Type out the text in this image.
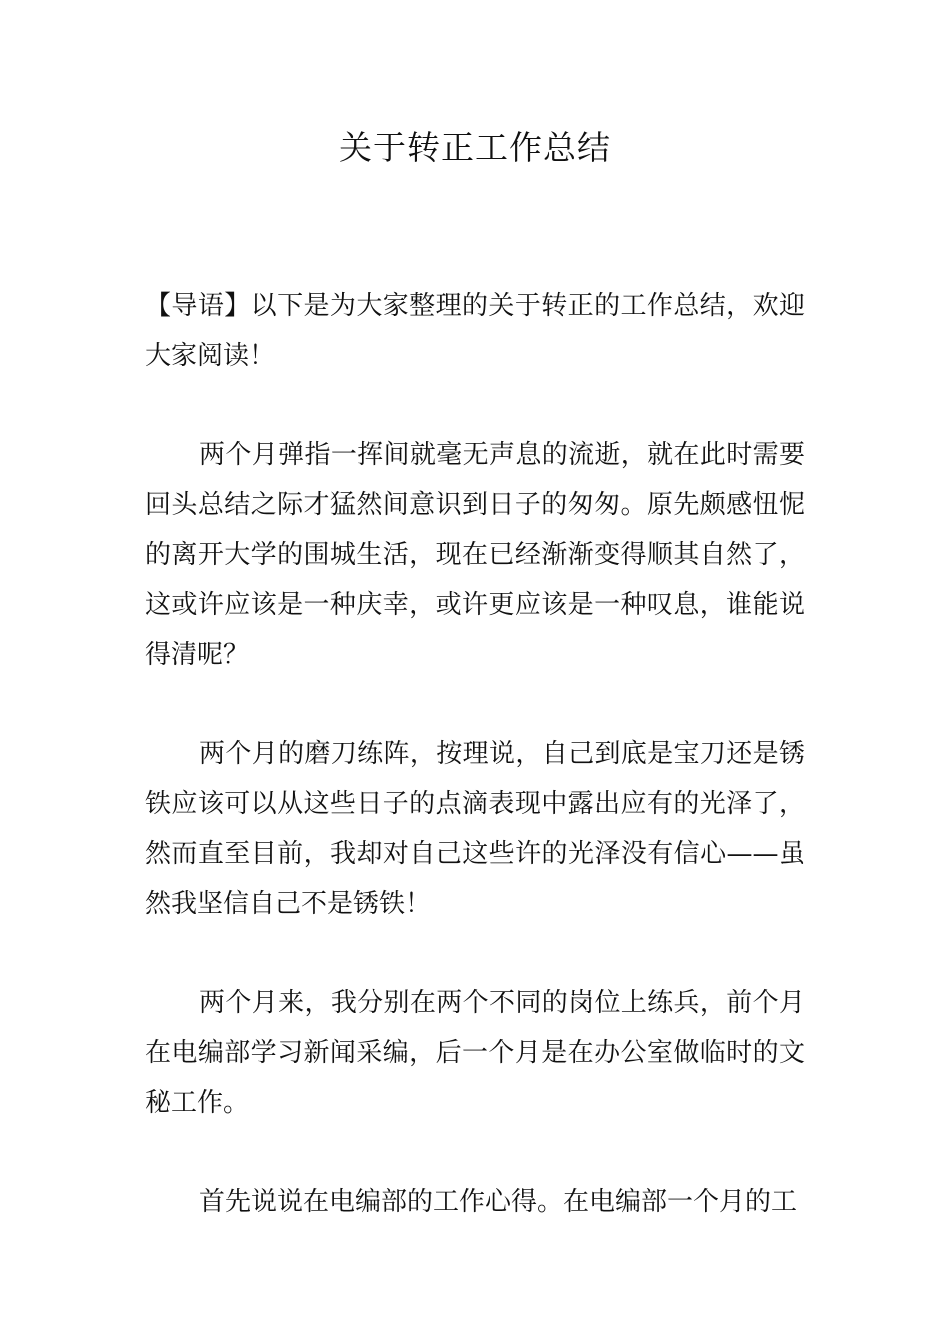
关于转正工作总结

【导语】以下是为大家整理的关于转正的工作总结，欢迎大家阅读！

两个月弹指一挥间就毫无声息的流逝，就在此时需要回头总结之际才猛然间意识到日子的匆匆。原先颇感忸怩的离开大学的围城生活，现在已经渐渐变得顺其自然了，这或许应该是一种庆幸，或许更应该是一种叹息，谁能说得清呢？

两个月的磨刀练阵，按理说，自己到底是宝刀还是锈铁应该可以从这些日子的点滴表现中露出应有的光泽了，然而直至目前，我却对自己这些许的光泽没有信心——虽然我坚信自己不是锈铁！

两个月来，我分别在两个不同的岗位上练兵，前个月在电编部学习新闻采编，后一个月是在办公室做临时的文秘工作。

首先说说在电编部的工作心得。在电编部一个月的工
